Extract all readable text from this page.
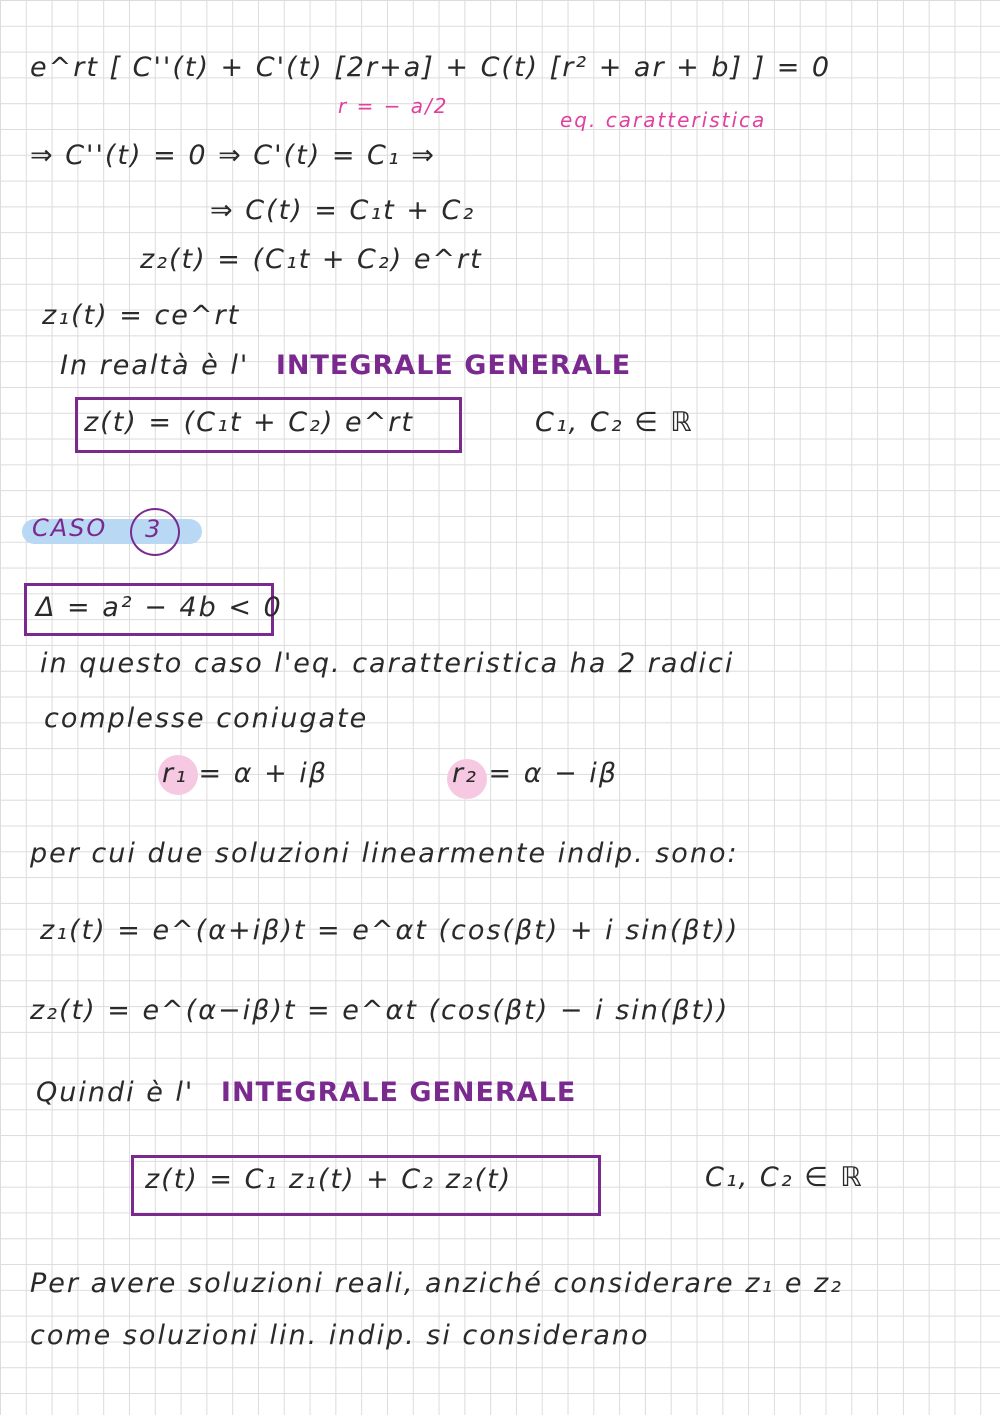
e^rt [ C''(t) + C'(t) [2r+a] + C(t) [r² + ar + b] ] = 0
r = − a/2
eq. caratteristica
⇒ C''(t) = 0 ⇒ C'(t) = C₁ ⇒
⇒ C(t) = C₁t + C₂
z₂(t) = (C₁t + C₂) e^rt
z₁(t) = ce^rt
In realtà è l' INTEGRALE GENERALE
z(t) = (C₁t + C₂) e^rt	C₁, C₂ ∈ ℝ
CASO 3
Δ = a² − 4b < 0
in questo caso l'eq. caratteristica ha 2 radici
complesse coniugate
r₁ = α + iβ	r₂ = α − iβ
per cui due soluzioni linearmente indip. sono:
z₁(t) = e^(α+iβ)t = e^αt (cos(βt) + i sin(βt))
z₂(t) = e^(α−iβ)t = e^αt (cos(βt) − i sin(βt))
Quindi è l' INTEGRALE GENERALE
z(t) = C₁ z₁(t) + C₂ z₂(t)	C₁, C₂ ∈ ℝ
Per avere soluzioni reali, anziché considerare z₁ e z₂
come soluzioni lin. indip. si considerano
